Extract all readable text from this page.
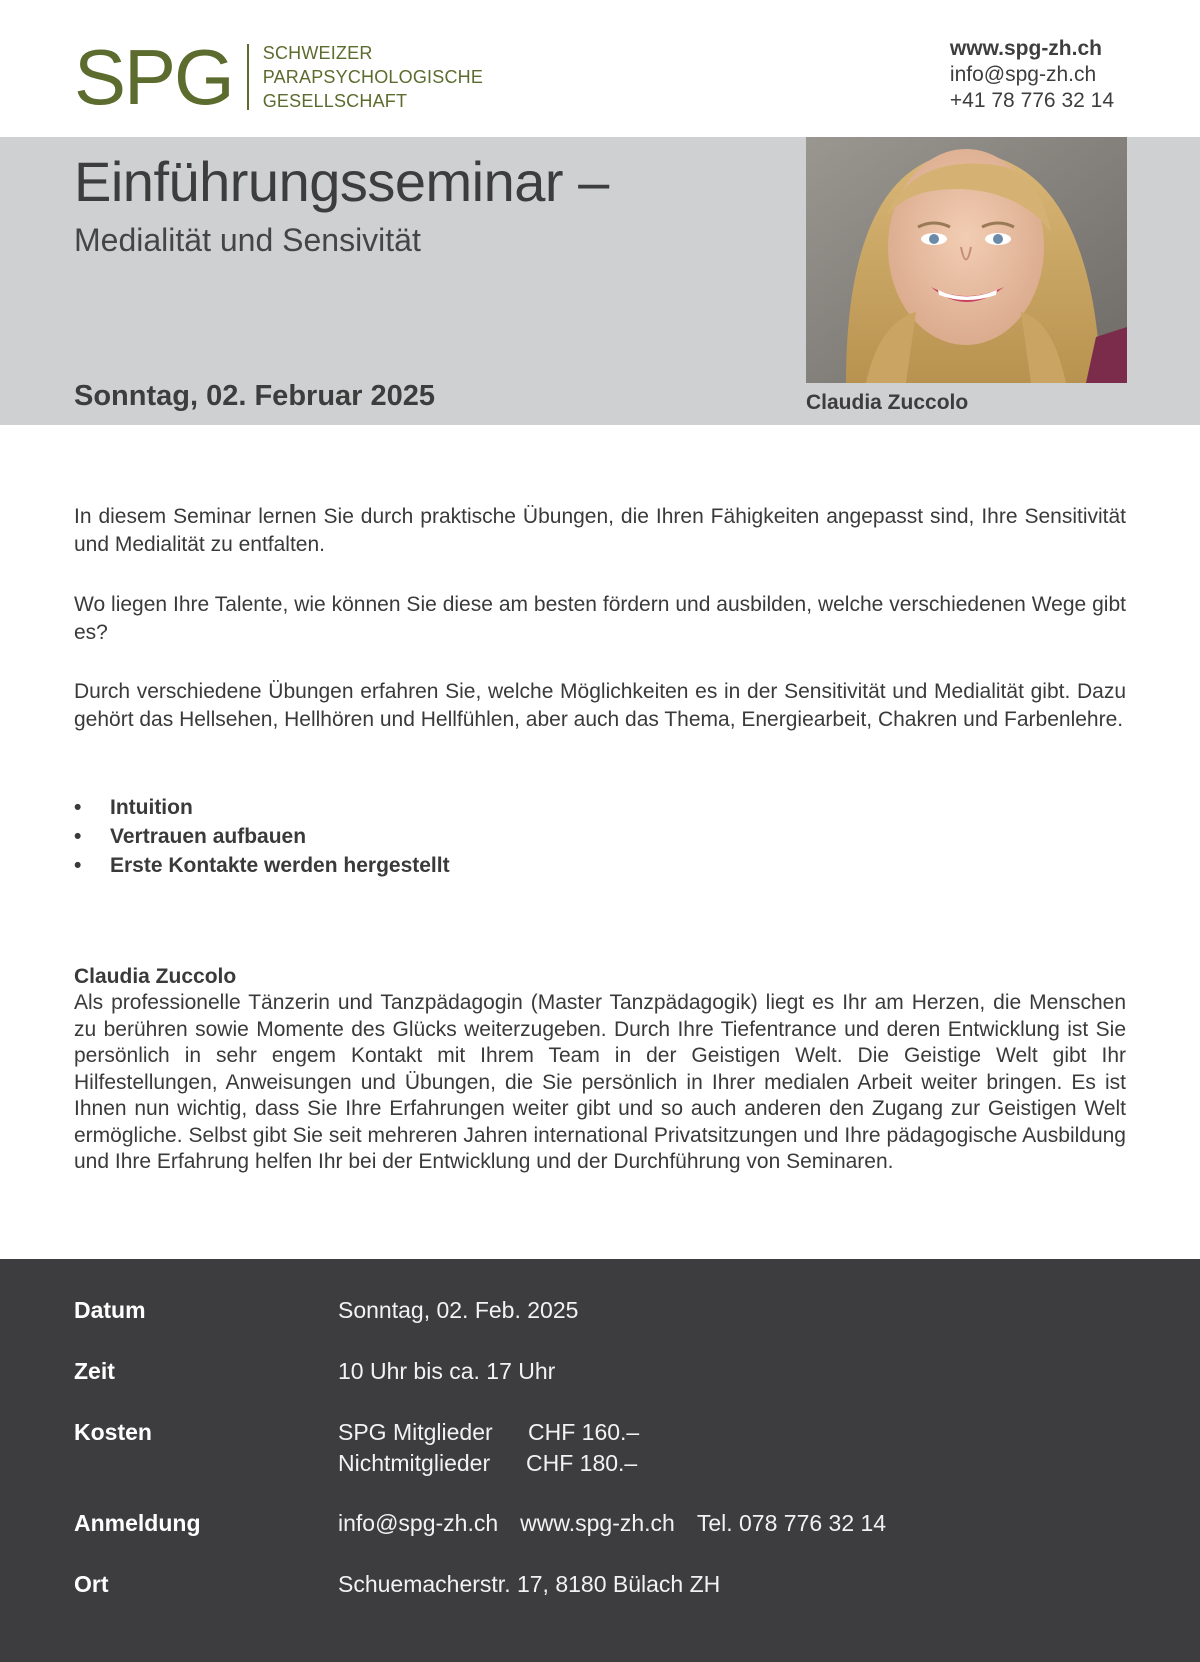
SPG SCHWEIZER
PARAPSYCHOLOGISCHE
GESELLSCHAFT
www.spg-zh.ch
info@spg-zh.ch
+41 78 776 32 14
Einführungsseminar –
Medialität und Sensivität
Sonntag, 02. Februar 2025	Claudia Zuccolo

In diesem Seminar lernen Sie durch praktische Übungen, die Ihren Fähigkeiten angepasst sind, Ihre Sensitivität und Medialität zu entfalten.

Wo liegen Ihre Talente, wie können Sie diese am besten fördern und ausbilden, welche verschiedenen Wege gibt es?

Durch verschiedene Übungen erfahren Sie, welche Möglichkeiten es in der Sensitivität und Medialität gibt. Dazu gehört das Hellsehen, Hellhören und Hellfühlen, aber auch das Thema, Energiearbeit, Chakren und Farbenlehre.

• Intuition
• Vertrauen aufbauen
• Erste Kontakte werden hergestellt
Claudia Zuccolo

Als professionelle Tänzerin und Tanzpädagogin (Master Tanzpädagogik) liegt es Ihr am Herzen, die Menschen zu berühren sowie Momente des Glücks weiterzugeben. Durch Ihre Tiefentrance und deren Entwicklung ist Sie persönlich in sehr engem Kontakt mit Ihrem Team in der Geistigen Welt. Die Geistige Welt gibt Ihr Hilfestellungen, Anweisungen und Übungen, die Sie persönlich in Ihrer medialen Arbeit weiter bringen. Es ist Ihnen nun wichtig, dass Sie Ihre Erfahrungen weiter gibt und so auch anderen den Zugang zur Geistigen Welt ermögliche. Selbst gibt Sie seit mehreren Jahren international Privatsitzungen und Ihre pädagogische Ausbildung und Ihre Erfahrung helfen Ihr bei der Entwicklung und der Durchführung von Seminaren.

Datum	Sonntag, 02. Feb. 2025
Zeit	10 Uhr bis ca. 17 Uhr
Kosten	SPG Mitglieder CHF 160.–
Nichtmitglieder CHF 180.–
Anmeldung	info@spg-zh.ch www.spg-zh.ch Tel. 078 776 32 14
Ort	Schuemacherstr. 17, 8180 Bülach ZH
